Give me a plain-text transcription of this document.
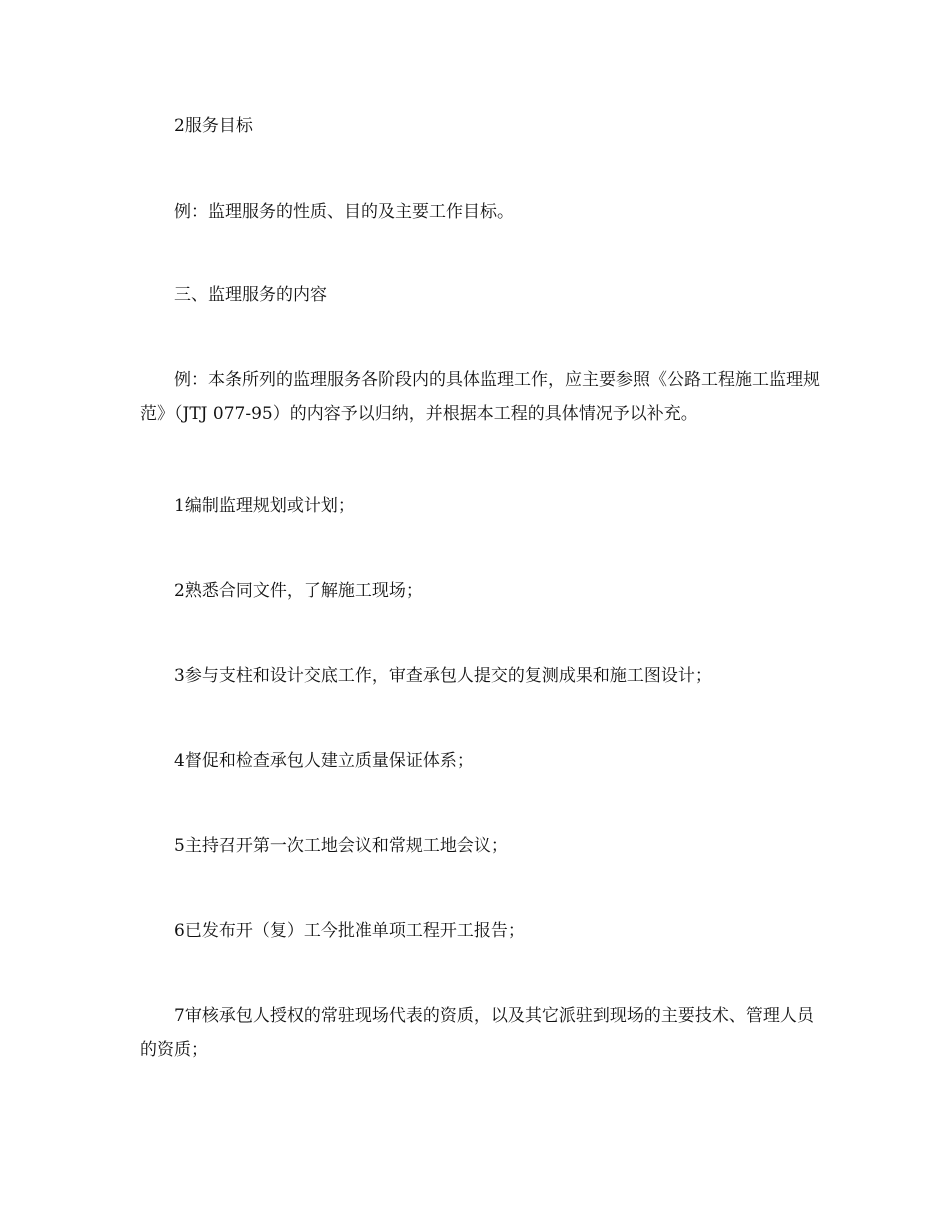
2服务目标

例：监理服务的性质、目的及主要工作目标。

三、监理服务的内容

例：本条所列的监理服务各阶段内的具体监理工作，应主要参照《公路工程施工监理规范》（JTJ 077-95）的内容予以归纳，并根据本工程的具体情况予以补充。

1编制监理规划或计划；

2熟悉合同文件，了解施工现场；

3参与支柱和设计交底工作，审查承包人提交的复测成果和施工图设计；

4督促和检查承包人建立质量保证体系；

5主持召开第一次工地会议和常规工地会议；

6已发布开（复）工今批准单项工程开工报告；

7审核承包人授权的常驻现场代表的资质，以及其它派驻到现场的主要技术、管理人员的资质；
